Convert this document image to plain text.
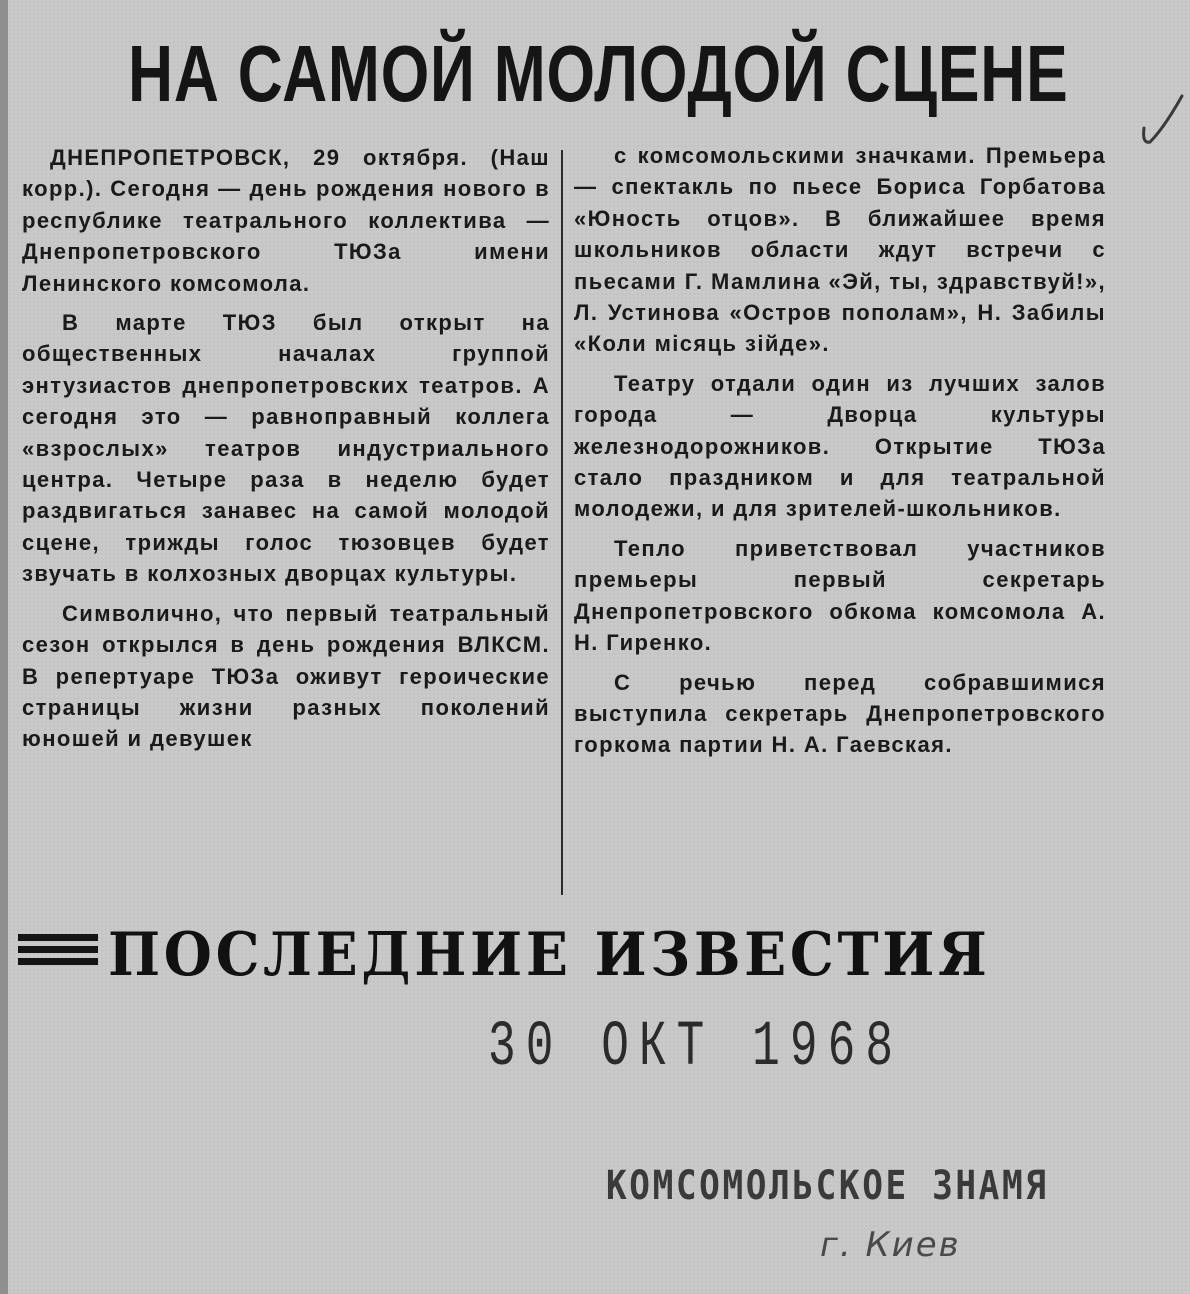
НА САМОЙ МОЛОДОЙ СЦЕНЕ

ДНЕПРОПЕТРОВСК, 29 октября. (Наш корр.). Сегодня — день рождения нового в республике театрального коллектива — Днепропетровского ТЮЗа имени Ленинского комсомола.

В марте ТЮЗ был открыт на общественных началах группой энтузиастов днепропетровских театров. А сегодня это — равноправный коллега «взрослых» театров индустриального центра. Четыре раза в неделю будет раздвигаться занавес на самой молодой сцене, трижды голос тюзовцев будет звучать в колхозных дворцах культуры.

Символично, что первый театральный сезон открылся в день рождения ВЛКСМ. В репертуаре ТЮЗа оживут героические страницы жизни разных поколений юношей и девушек

с комсомольскими значками. Премьера — спектакль по пьесе Бориса Горбатова «Юность отцов». В ближайшее время школьников области ждут встречи с пьесами Г. Мамлина «Эй, ты, здравствуй!», Л. Устинова «Остров пополам», Н. Забилы «Коли місяць зійде».

Театру отдали один из лучших залов города — Дворца культуры железнодорожников. Открытие ТЮЗа стало праздником и для театральной молодежи, и для зрителей-школьников.

Тепло приветствовал участников премьеры первый секретарь Днепропетровского обкома комсомола А. Н. Гиренко.

С речью перед собравшимися выступила секретарь Днепропетровского горкома партии Н. А. Гаевская.

ПОСЛЕДНИЕ ИЗВЕСТИЯ
30 ОКТ 1968
КОМСОМОЛЬСКОЕ ЗНАМЯ
г. Киев
